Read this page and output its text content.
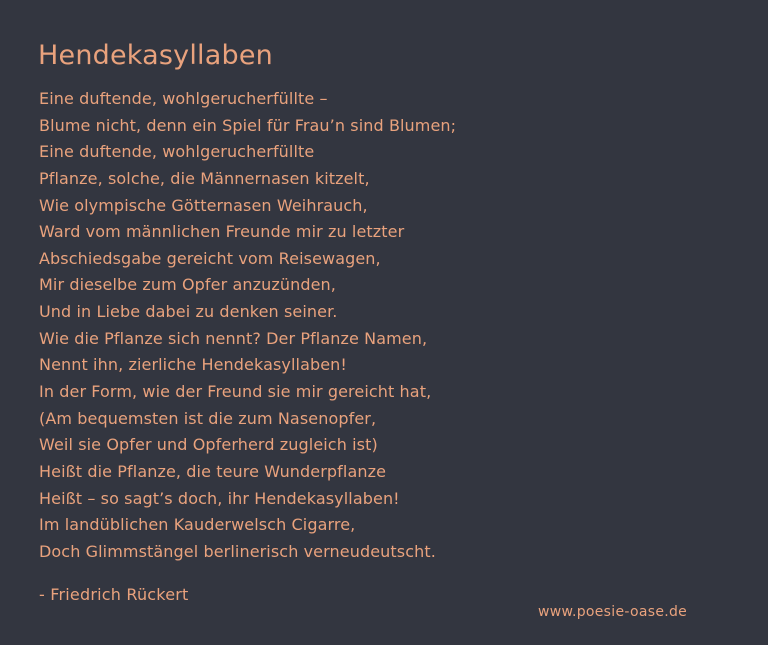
Hendekasyllaben
Eine duftende, wohlgerucherfüllte –
Blume nicht, denn ein Spiel für Frau’n sind Blumen;
Eine duftende, wohlgerucherfüllte
Pflanze, solche, die Männernasen kitzelt,
Wie olympische Götternasen Weihrauch,
Ward vom männlichen Freunde mir zu letzter
Abschiedsgabe gereicht vom Reisewagen,
Mir dieselbe zum Opfer anzuzünden,
Und in Liebe dabei zu denken seiner.
Wie die Pflanze sich nennt? Der Pflanze Namen,
Nennt ihn, zierliche Hendekasyllaben!
In der Form, wie der Freund sie mir gereicht hat,
(Am bequemsten ist die zum Nasenopfer,
Weil sie Opfer und Opferherd zugleich ist)
Heißt die Pflanze, die teure Wunderpflanze
Heißt – so sagt’s doch, ihr Hendekasyllaben!
Im landüblichen Kauderwelsch Cigarre,
Doch Glimmstängel berlinerisch verneudeutscht.
- Friedrich Rückert
www.poesie-oase.de
